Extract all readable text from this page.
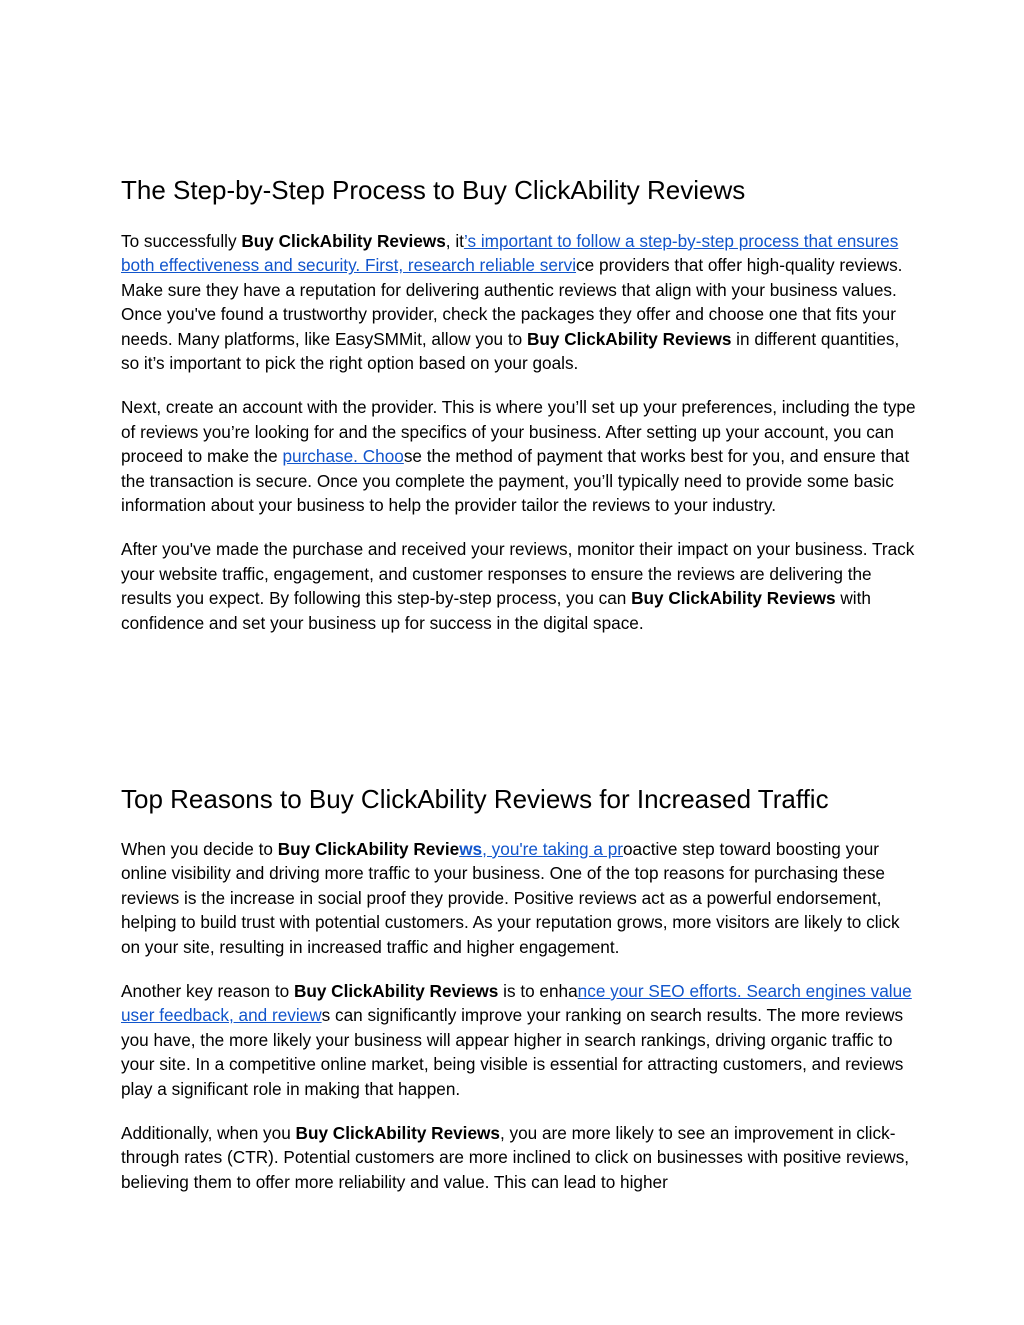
The Step-by-Step Process to Buy ClickAbility Reviews

To successfully Buy ClickAbility Reviews, it’s important to follow a step-by-step process that ensures both effectiveness and security. First, research reliable service providers that offer high-quality reviews. Make sure they have a reputation for delivering authentic reviews that align with your business values. Once you've found a trustworthy provider, check the packages they offer and choose one that fits your needs. Many platforms, like EasySMMit, allow you to Buy ClickAbility Reviews in different quantities, so it’s important to pick the right option based on your goals.

Next, create an account with the provider. This is where you’ll set up your preferences, including the type of reviews you’re looking for and the specifics of your business. After setting up your account, you can proceed to make the purchase. Choose the method of payment that works best for you, and ensure that the transaction is secure. Once you complete the payment, you’ll typically need to provide some basic information about your business to help the provider tailor the reviews to your industry.

After you've made the purchase and received your reviews, monitor their impact on your business. Track your website traffic, engagement, and customer responses to ensure the reviews are delivering the results you expect. By following this step-by-step process, you can Buy ClickAbility Reviews with confidence and set your business up for success in the digital space.

Top Reasons to Buy ClickAbility Reviews for Increased Traffic

When you decide to Buy ClickAbility Reviews, you're taking a proactive step toward boosting your online visibility and driving more traffic to your business. One of the top reasons for purchasing these reviews is the increase in social proof they provide. Positive reviews act as a powerful endorsement, helping to build trust with potential customers. As your reputation grows, more visitors are likely to click on your site, resulting in increased traffic and higher engagement.

Another key reason to Buy ClickAbility Reviews is to enhance your SEO efforts. Search engines value user feedback, and reviews can significantly improve your ranking on search results. The more reviews you have, the more likely your business will appear higher in search rankings, driving organic traffic to your site. In a competitive online market, being visible is essential for attracting customers, and reviews play a significant role in making that happen.

Additionally, when you Buy ClickAbility Reviews, you are more likely to see an improvement in click-through rates (CTR). Potential customers are more inclined to click on businesses with positive reviews, believing them to offer more reliability and value. This can lead to higher
